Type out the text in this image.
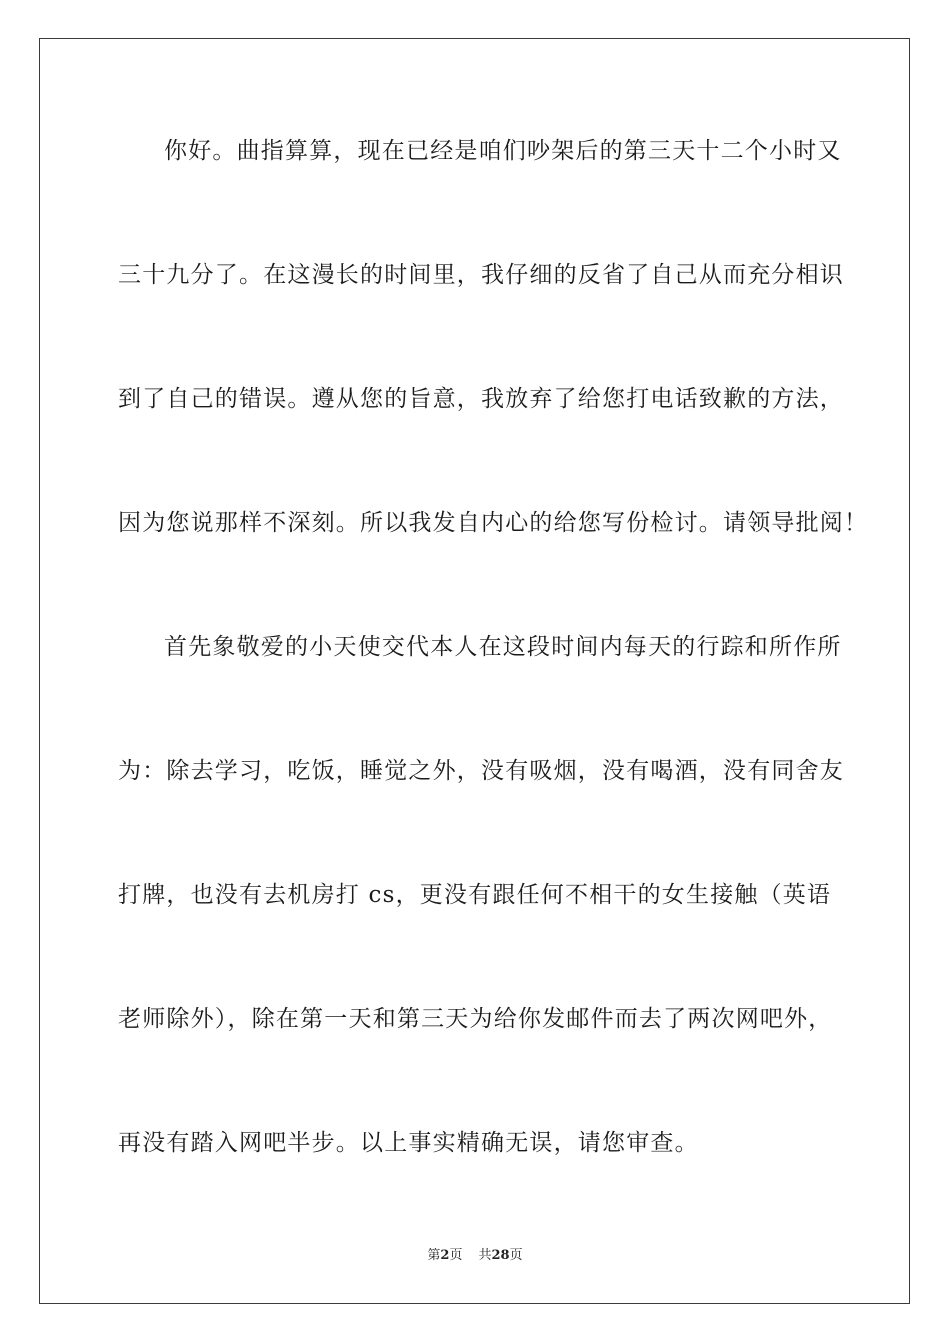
你好。曲指算算，现在已经是咱们吵架后的第三天十二个小时又
三十九分了。在这漫长的时间里，我仔细的反省了自己从而充分相识
到了自己的错误。遵从您的旨意，我放弃了给您打电话致歉的方法，
因为您说那样不深刻。所以我发自内心的给您写份检讨。请领导批阅！
首先象敬爱的小天使交代本人在这段时间内每天的行踪和所作所
为：除去学习，吃饭，睡觉之外，没有吸烟，没有喝酒，没有同舍友
打牌，也没有去机房打 cs，更没有跟任何不相干的女生接触（英语
老师除外），除在第一天和第三天为给你发邮件而去了两次网吧外，
再没有踏入网吧半步。以上事实精确无误，请您审查。
第2页 共28页
